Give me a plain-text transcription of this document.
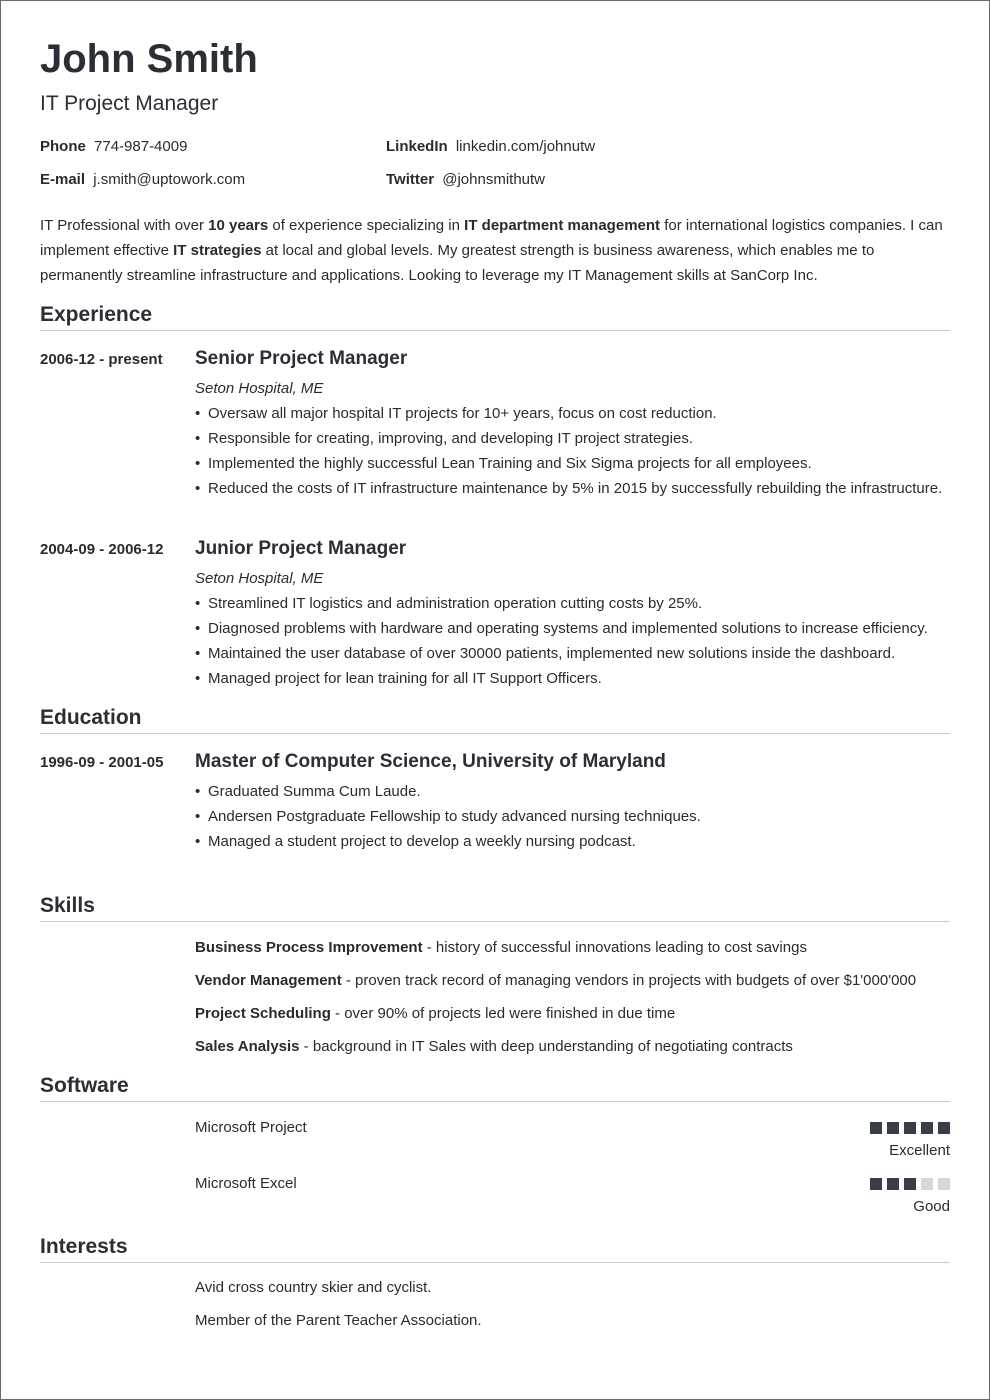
John Smith
IT Project Manager
Phone 774-987-4009
E-mail j.smith@uptowork.com
LinkedIn linkedin.com/johnutw
Twitter @johnsmithutw
IT Professional with over 10 years of experience specializing in IT department management for international logistics companies. I can implement effective IT strategies at local and global levels. My greatest strength is business awareness, which enables me to permanently streamline infrastructure and applications. Looking to leverage my IT Management skills at SanCorp Inc.
Experience
2006-12 - present Senior Project Manager
Seton Hospital, ME
• Oversaw all major hospital IT projects for 10+ years, focus on cost reduction.
• Responsible for creating, improving, and developing IT project strategies.
• Implemented the highly successful Lean Training and Six Sigma projects for all employees.
• Reduced the costs of IT infrastructure maintenance by 5% in 2015 by successfully rebuilding the infrastructure.
2004-09 - 2006-12 Junior Project Manager
Seton Hospital, ME
• Streamlined IT logistics and administration operation cutting costs by 25%.
• Diagnosed problems with hardware and operating systems and implemented solutions to increase efficiency.
• Maintained the user database of over 30000 patients, implemented new solutions inside the dashboard.
• Managed project for lean training for all IT Support Officers.
Education
1996-09 - 2001-05 Master of Computer Science, University of Maryland
• Graduated Summa Cum Laude.
• Andersen Postgraduate Fellowship to study advanced nursing techniques.
• Managed a student project to develop a weekly nursing podcast.
Skills
Business Process Improvement - history of successful innovations leading to cost savings
Vendor Management - proven track record of managing vendors in projects with budgets of over $1'000'000
Project Scheduling - over 90% of projects led were finished in due time
Sales Analysis - background in IT Sales with deep understanding of negotiating contracts
Software
Microsoft Project
Excellent
Microsoft Excel
Good
Interests
Avid cross country skier and cyclist.
Member of the Parent Teacher Association.
